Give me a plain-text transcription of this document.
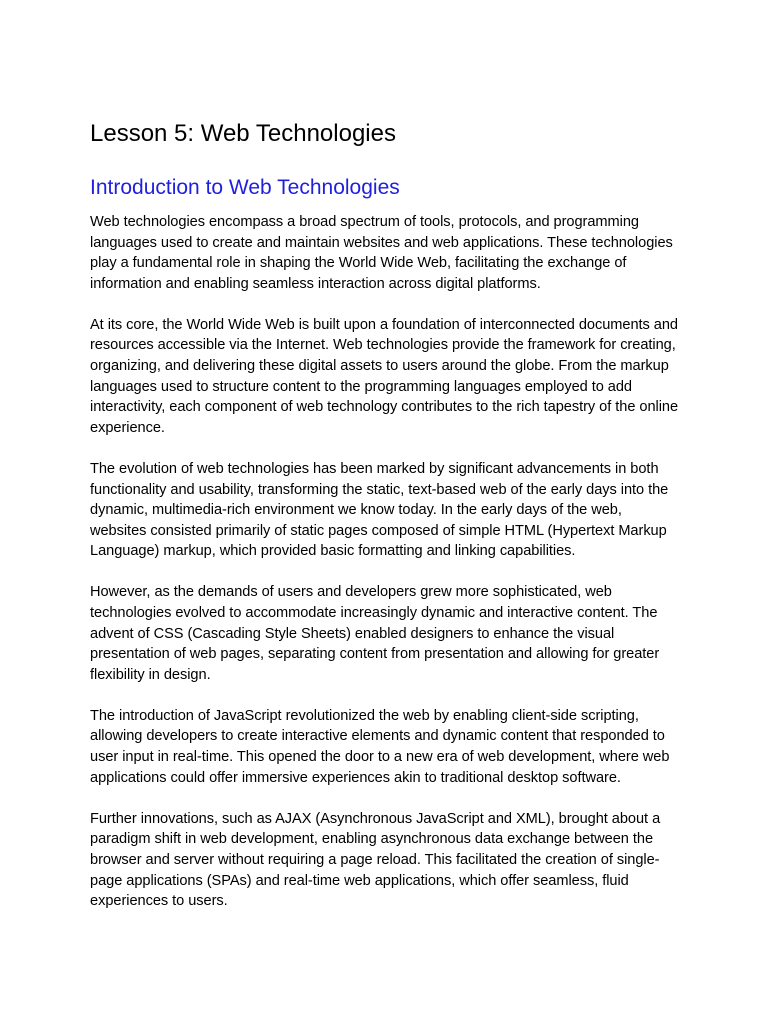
Lesson 5: Web Technologies
Introduction to Web Technologies

Web technologies encompass a broad spectrum of tools, protocols, and programming languages used to create and maintain websites and web applications. These technologies play a fundamental role in shaping the World Wide Web, facilitating the exchange of information and enabling seamless interaction across digital platforms.

At its core, the World Wide Web is built upon a foundation of interconnected documents and resources accessible via the Internet. Web technologies provide the framework for creating, organizing, and delivering these digital assets to users around the globe. From the markup languages used to structure content to the programming languages employed to add interactivity, each component of web technology contributes to the rich tapestry of the online experience.

The evolution of web technologies has been marked by significant advancements in both functionality and usability, transforming the static, text-based web of the early days into the dynamic, multimedia-rich environment we know today. In the early days of the web, websites consisted primarily of static pages composed of simple HTML (Hypertext Markup Language) markup, which provided basic formatting and linking capabilities.

However, as the demands of users and developers grew more sophisticated, web technologies evolved to accommodate increasingly dynamic and interactive content. The advent of CSS (Cascading Style Sheets) enabled designers to enhance the visual presentation of web pages, separating content from presentation and allowing for greater flexibility in design.

The introduction of JavaScript revolutionized the web by enabling client-side scripting, allowing developers to create interactive elements and dynamic content that responded to user input in real-time. This opened the door to a new era of web development, where web applications could offer immersive experiences akin to traditional desktop software.

Further innovations, such as AJAX (Asynchronous JavaScript and XML), brought about a paradigm shift in web development, enabling asynchronous data exchange between the browser and server without requiring a page reload. This facilitated the creation of single-page applications (SPAs) and real-time web applications, which offer seamless, fluid experiences to users.
